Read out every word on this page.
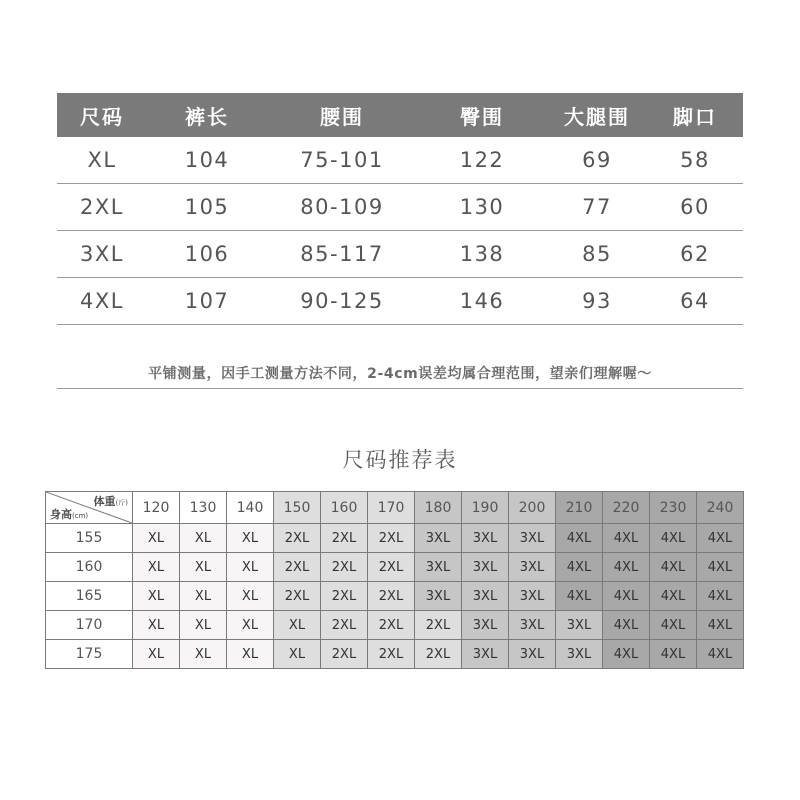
尺码	裤长	腰围	臀围	大腿围	脚口
XL	104	75-101	122	69	58
2XL	105	80-109	130	77	60
3XL	106	85-117	138	85	62
4XL	107	90-125	146	93	64
平铺测量，因手工测量方法不同，2-4cm误差均属合理范围，望亲们理解喔～
尺码推荐表
体重(斤)
身高(cm)	120	130	140	150	160	170	180	190	200	210	220	230	240
155	XL	XL	XL	2XL	2XL	2XL	3XL	3XL	3XL	4XL	4XL	4XL	4XL
160	XL	XL	XL	2XL	2XL	2XL	3XL	3XL	3XL	4XL	4XL	4XL	4XL
165	XL	XL	XL	2XL	2XL	2XL	3XL	3XL	3XL	4XL	4XL	4XL	4XL
170	XL	XL	XL	XL	2XL	2XL	2XL	3XL	3XL	3XL	4XL	4XL	4XL
175	XL	XL	XL	XL	2XL	2XL	2XL	3XL	3XL	3XL	4XL	4XL	4XL
